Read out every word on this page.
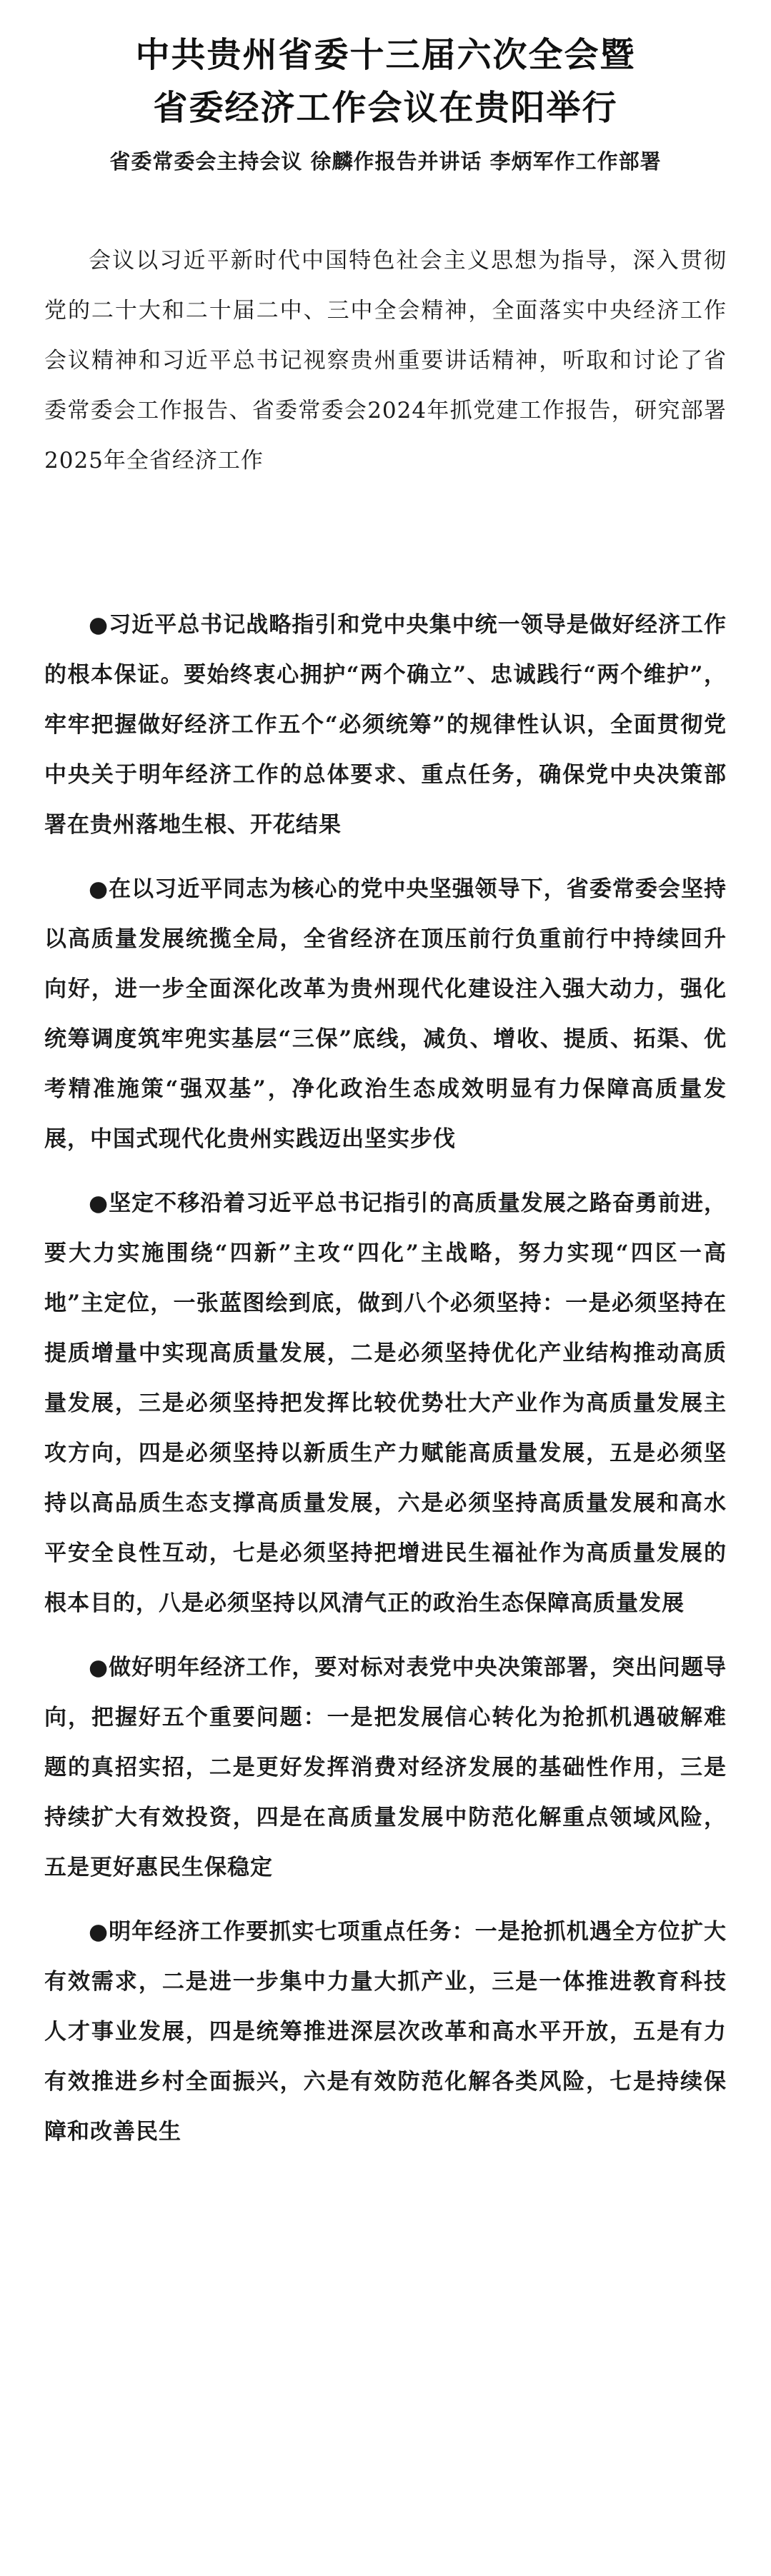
中共贵州省委十三届六次全会暨
省委经济工作会议在贵阳举行
省委常委会主持会议 徐麟作报告并讲话 李炳军作工作部署

会议以习近平新时代中国特色社会主义思想为指导，深入贯彻党的二十大和二十届二中、三中全会精神，全面落实中央经济工作会议精神和习近平总书记视察贵州重要讲话精神，听取和讨论了省委常委会工作报告、省委常委会2024年抓党建工作报告，研究部署2025年全省经济工作

●习近平总书记战略指引和党中央集中统一领导是做好经济工作的根本保证。要始终衷心拥护“两个确立”、忠诚践行“两个维护”，牢牢把握做好经济工作五个“必须统筹”的规律性认识，全面贯彻党中央关于明年经济工作的总体要求、重点任务，确保党中央决策部署在贵州落地生根、开花结果

●在以习近平同志为核心的党中央坚强领导下，省委常委会坚持以高质量发展统揽全局，全省经济在顶压前行负重前行中持续回升向好，进一步全面深化改革为贵州现代化建设注入强大动力，强化统筹调度筑牢兜实基层“三保”底线，减负、增收、提质、拓渠、优考精准施策“强双基”，净化政治生态成效明显有力保障高质量发展，中国式现代化贵州实践迈出坚实步伐

●坚定不移沿着习近平总书记指引的高质量发展之路奋勇前进，要大力实施围绕“四新”主攻“四化”主战略，努力实现“四区一高地”主定位，一张蓝图绘到底，做到八个必须坚持：一是必须坚持在提质增量中实现高质量发展，二是必须坚持优化产业结构推动高质量发展，三是必须坚持把发挥比较优势壮大产业作为高质量发展主攻方向，四是必须坚持以新质生产力赋能高质量发展，五是必须坚持以高品质生态支撑高质量发展，六是必须坚持高质量发展和高水平安全良性互动，七是必须坚持把增进民生福祉作为高质量发展的根本目的，八是必须坚持以风清气正的政治生态保障高质量发展

●做好明年经济工作，要对标对表党中央决策部署，突出问题导向，把握好五个重要问题：一是把发展信心转化为抢抓机遇破解难题的真招实招，二是更好发挥消费对经济发展的基础性作用，三是持续扩大有效投资，四是在高质量发展中防范化解重点领域风险，五是更好惠民生保稳定

●明年经济工作要抓实七项重点任务：一是抢抓机遇全方位扩大有效需求，二是进一步集中力量大抓产业，三是一体推进教育科技人才事业发展，四是统筹推进深层次改革和高水平开放，五是有力有效推进乡村全面振兴，六是有效防范化解各类风险，七是持续保障和改善民生
